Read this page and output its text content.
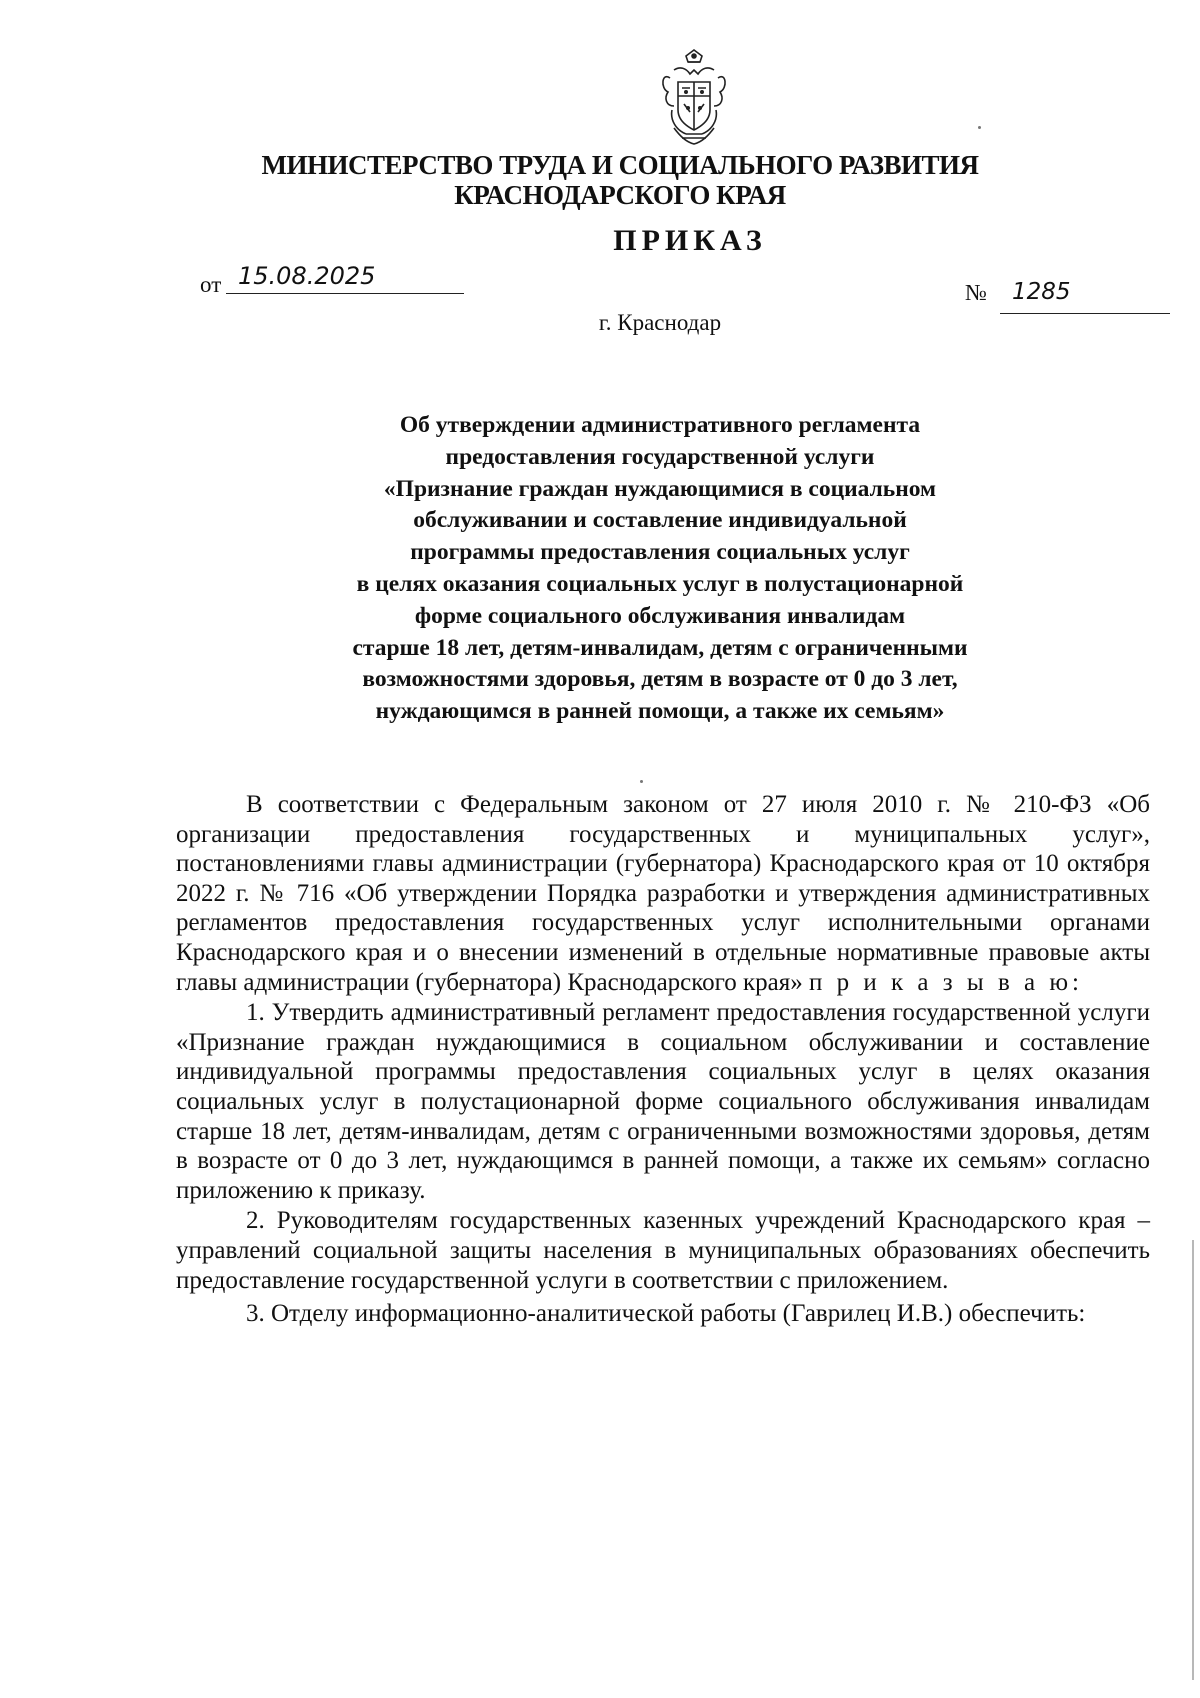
МИНИСТЕРСТВО ТРУДА И СОЦИАЛЬНОГО РАЗВИТИЯ
КРАСНОДАРСКОГО КРАЯ
ПРИКАЗ
от 15.08.2025
№	1285
г. Краснодар
Об утверждении административного регламента
предоставления государственной услуги
«Признание граждан нуждающимися в социальном
обслуживании и составление индивидуальной
программы предоставления социальных услуг
в целях оказания социальных услуг в полустационарной
форме социального обслуживания инвалидам
старше 18 лет, детям-инвалидам, детям с ограниченными
возможностями здоровья, детям в возрасте от 0 до 3 лет,
нуждающимся в ранней помощи, а также их семьям»

В соответствии с Федеральным законом от 27 июля 2010 г. № 210-ФЗ «Об организации предоставления государственных и муниципальных услуг», постановлениями главы администрации (губернатора) Краснодарского края от 10 октября 2022 г. № 716 «Об утверждении Порядка разработки и утверждения административных регламентов предоставления государственных услуг исполнительными органами Краснодарского края и о внесении изменений в отдельные нормативные правовые акты главы администрации (губернатора) Краснодарского края» п р и к а з ы в а ю:

1. Утвердить административный регламент предоставления государственной услуги «Признание граждан нуждающимися в социальном обслуживании и составление индивидуальной программы предоставления социальных услуг в целях оказания социальных услуг в полустационарной форме социального обслуживания инвалидам старше 18 лет, детям-инвалидам, детям с ограниченными возможностями здоровья, детям в возрасте от 0 до 3 лет, нуждающимся в ранней помощи, а также их семьям» согласно приложению к приказу.

2. Руководителям государственных казенных учреждений Краснодарского края – управлений социальной защиты населения в муниципальных образованиях обеспечить предоставление государственной услуги в соответствии с приложением.

3. Отделу информационно-аналитической работы (Гаврилец И.В.) обеспечить:
